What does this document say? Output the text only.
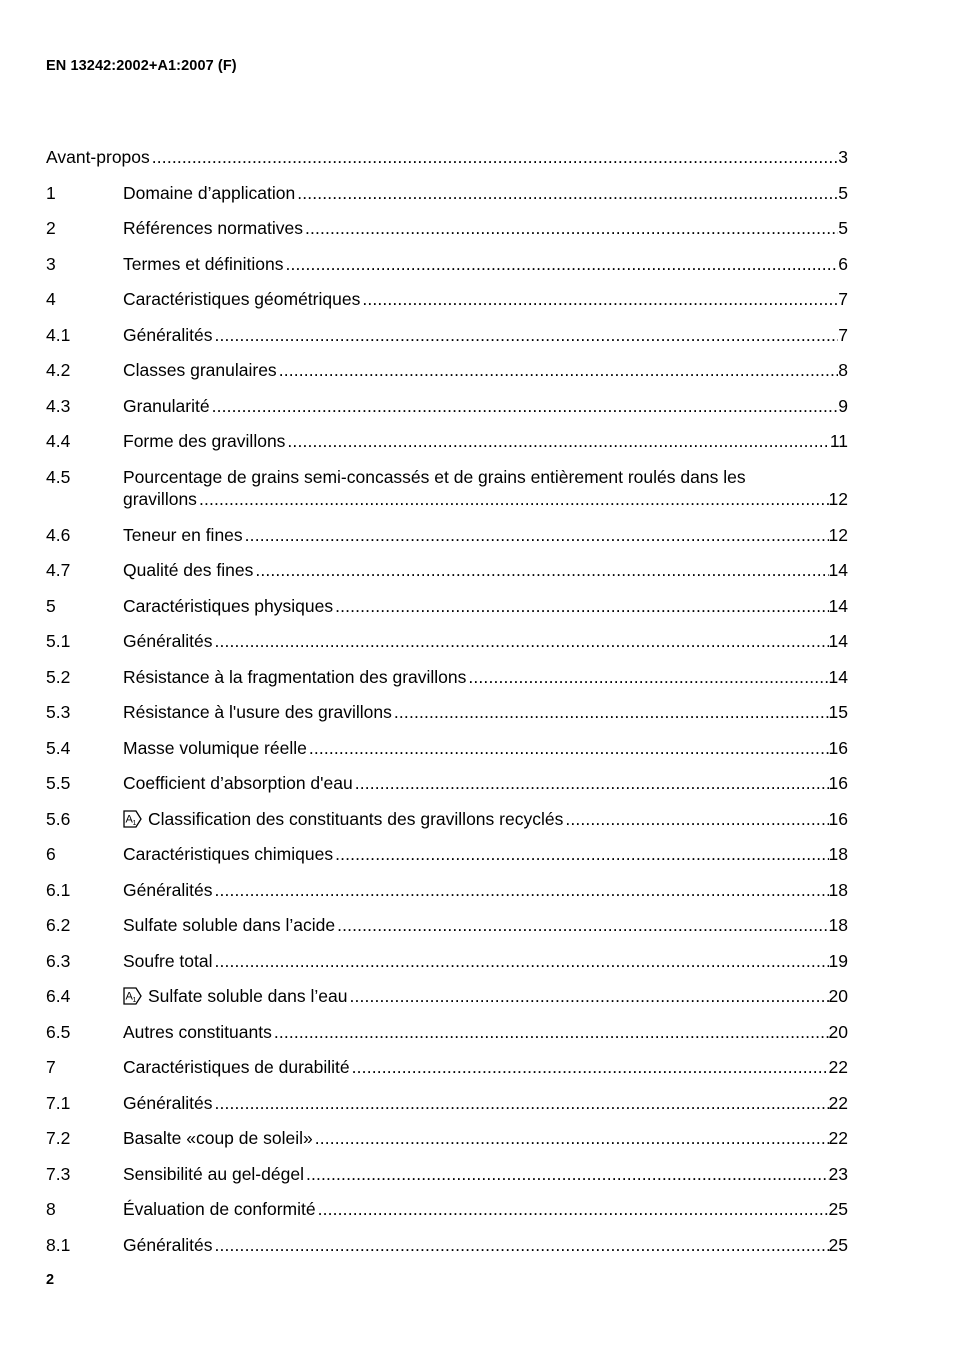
EN 13242:2002+A1:2007 (F)
Avant-propos .....	3
1	Domaine d’application .....	5
2	Références normatives .....	5
3	Termes et définitions .....	6
4	Caractéristiques géométriques .....	7
4.1	Généralités .....	7
4.2	Classes granulaires .....	8
4.3	Granularité .....	9
4.4	Forme des gravillons .....	11
4.5	Pourcentage de grains semi-concassés et de grains entièrement roulés dans les
gravillons .....	12
4.6	Teneur en fines .....	12
4.7	Qualité des fines .....	14
5	Caractéristiques physiques .....	14
5.1	Généralités .....	14
5.2	Résistance à la fragmentation des gravillons .....	14
5.3	Résistance à l'usure des gravillons .....	15
5.4	Masse volumique réelle .....	16
5.5	Coefficient d’absorption d'eau .....	16
5.6	A 1 Classification des constituants des gravillons recyclés .....	16
6	Caractéristiques chimiques .....	18
6.1	Généralités .....	18
6.2	Sulfate soluble dans l’acide .....	18
6.3	Soufre total .....	19
6.4	A 1 Sulfate soluble dans l’eau .....	20
6.5	Autres constituants .....	20
7	Caractéristiques de durabilité .....	22
7.1	Généralités .....	22
7.2	Basalte «coup de soleil» .....	22
7.3	Sensibilité au gel-dégel .....	23
8	Évaluation de conformité .....	25
8.1	Généralités .....	25
2
